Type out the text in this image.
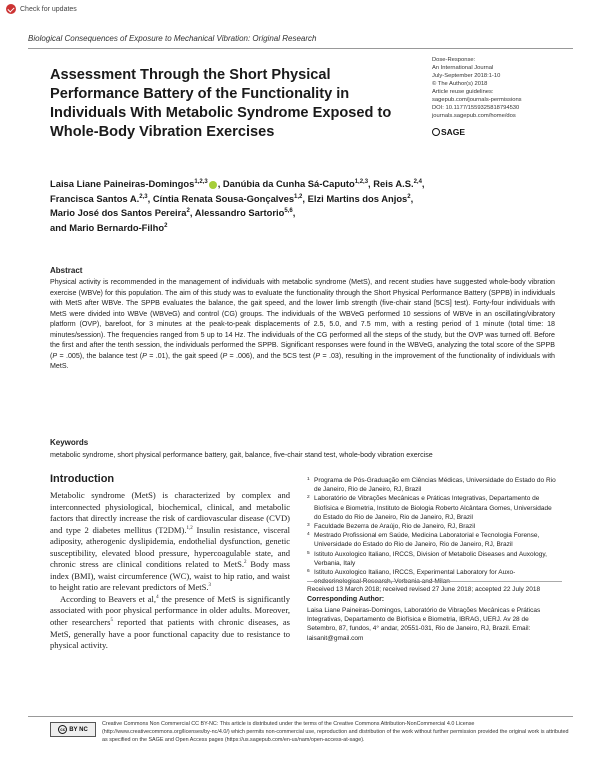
Check for updates
Biological Consequences of Exposure to Mechanical Vibration: Original Research
Assessment Through the Short Physical Performance Battery of the Functionality in Individuals With Metabolic Syndrome Exposed to Whole-Body Vibration Exercises
Dose-Response:
An International Journal
July-September 2018:1-10
© The Author(s) 2018
Article reuse guidelines:
sagepub.com/journals-permissions
DOI: 10.1177/1559325818794530
journals.sagepub.com/home/dos
SAGE
Laisa Liane Paineiras-Domingos$^{1,2,3}$ , Danúbia da Cunha Sá-Caputo$^{1,2,3}$, Reis A.S.$^{2,4}$,
Francisca Santos A.$^{2,3}$, Cíntia Renata Sousa-Gonçalves$^{1,2}$, Elzi Martins dos Anjos$^2$,
Mario José dos Santos Pereira$^2$, Alessandro Sartorio$^{5,6}$,
and Mario Bernardo-Filho$^2$
Abstract
Physical activity is recommended in the management of individuals with metabolic syndrome (MetS), and recent studies have suggested whole-body vibration exercise (WBVe) for this population. The aim of this study was to evaluate the functionality through the Short Physical Performance Battery (SPPB) in individuals with MetS after WBVe. The SPPB evaluates the balance, the gait speed, and the lower limb strength (five-chair stand [5CS] test). Forty-four individuals with MetS were divided into WBVe (WBVeG) and control (CG) groups. The individuals of the WBVeG performed 10 sessions of WBVe in an oscillating/vibratory platform (OVP), barefoot, for 3 minutes at the peak-to-peak displacements of 2.5, 5.0, and 7.5 mm, with a resting period of 1 minute (total time: 18 minutes/session). The frequencies ranged from 5 up to 14 Hz. The individuals of the CG performed all the steps of the study, but the OVP was turned off. Before the first and after the tenth session, the individuals performed the SPPB. Significant responses were found in the WBVeG, analyzing the total score of the SPPB (P = .005), the balance test (P = .01), the gait speed (P = .006), and the 5CS test (P = .03), resulting in the improvement of the functionality of individuals with MetS.
Keywords
metabolic syndrome, short physical performance battery, gait, balance, five-chair stand test, whole-body vibration exercise
Introduction

Metabolic syndrome (MetS) is characterized by complex and interconnected physiological, biochemical, clinical, and metabolic factors that directly increase the risk of cardiovascular disease (CVD) and type 2 diabetes mellitus (T2DM).$^{1,2}$ Insulin resistance, visceral adiposity, atherogenic dyslipidemia, endothelial dysfunction, genetic susceptibility, elevated blood pressure, hypercoagulable state, and chronic stress are clinical conditions related to MetS.$^2$ Body mass index (BMI), waist circumference (WC), waist to hip ratio, and waist to height ratio are relevant predictors of MetS.$^3$

According to Beavers et al,$^4$ the presence of MetS is significantly associated with poor physical performance in older adults. Moreover, other researchers$^5$ reported that patients with chronic diseases, as MetS, generally have a poor functional capacity due to resistance to physical activity.

1 Programa de Pós-Graduação em Ciências Médicas, Universidade do Estado do Rio de Janeiro, Rio de Janeiro, RJ, Brazil
2 Laboratório de Vibrações Mecânicas e Práticas Integrativas, Departamento de Biofísica e Biometria, Instituto de Biologia Roberto Alcântara Gomes, Universidade do Estado do Rio de Janeiro, Rio de Janeiro, RJ, Brazil
3 Faculdade Bezerra de Araújo, Rio de Janeiro, RJ, Brazil
4 Mestrado Profissional em Saúde, Medicina Laboratorial e Tecnologia Forense, Universidade do Estado do Rio de Janeiro, Rio de Janeiro, RJ, Brazil
5 Istituto Auxologico Italiano, IRCCS, Division of Metabolic Diseases and Auxology, Verbania, Italy
6 Istituto Auxologico Italiano, IRCCS, Experimental Laboratory for Auxo-endocrinological Research, Verbania and Milan
Received 13 March 2018; received revised 27 June 2018; accepted 22 July 2018
Corresponding Author:
Laisa Liane Paineiras-Domingos, Laboratório de Vibrações Mecânicas e Práticas Integrativas, Departamento de Biofísica e Biometria, IBRAG, UERJ. Av 28 de Setembro, 87, fundos, 4° andar, 20551-031, Rio de Janeiro, RJ, Brazil. Email: laisanit@gmail.com
cc BY NC
Creative Commons Non Commercial CC BY-NC: This article is distributed under the terms of the Creative Commons Attribution-NonCommercial 4.0 License (http://www.creativecommons.org/licenses/by-nc/4.0/) which permits non-commercial use, reproduction and distribution of the work without further permission provided the original work is attributed as specified on the SAGE and Open Access pages (https://us.sagepub.com/en-us/nam/open-access-at-sage).
